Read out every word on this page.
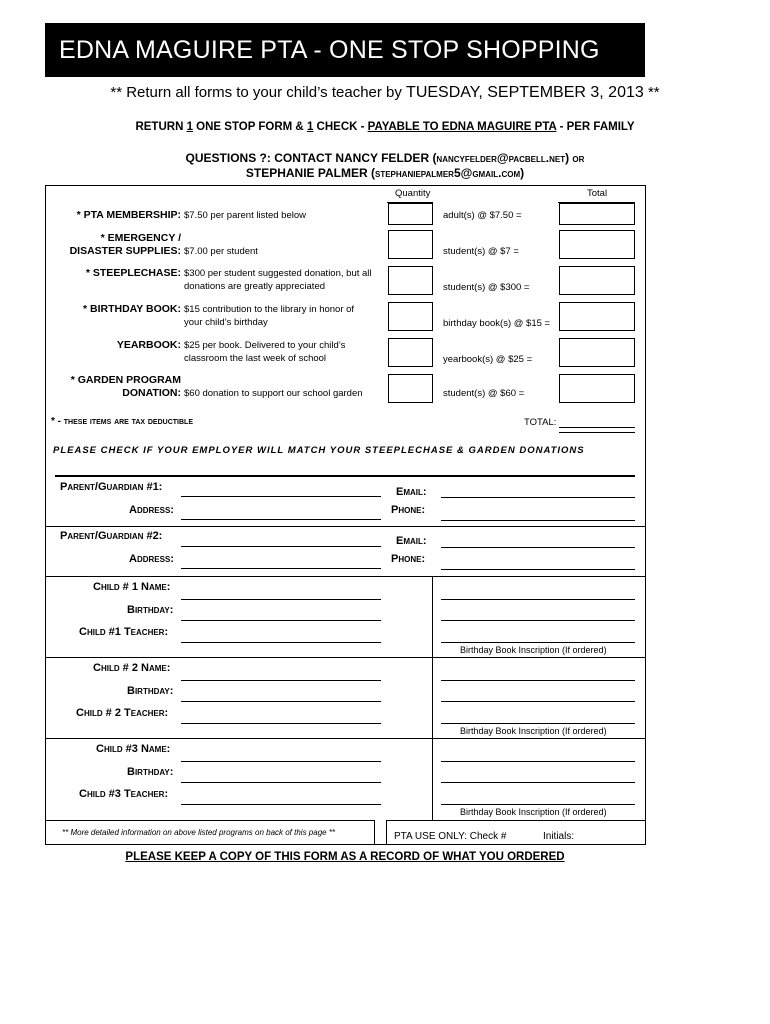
EDNA MAGUIRE PTA - ONE STOP SHOPPING FORM
** Return all forms to your child’s teacher by TUESDAY, SEPTEMBER 3, 2013 **
RETURN 1 ONE STOP FORM & 1 CHECK - PAYABLE TO EDNA MAGUIRE PTA - PER FAMILY
QUESTIONS ?: CONTACT NANCY FELDER (nancyfelder@pacbell.net) or
STEPHANIE PALMER (stephaniepalmer5@gmail.com)
Quantity	Total
* PTA MEMBERSHIP: $7.50 per parent listed below	adult(s) @ $7.50 =
* EMERGENCY /
DISASTER SUPPLIES: $7.00 per student	student(s) @ $7 =
* STEEPLECHASE: $300 per student suggested donation, but all
donations are greatly appreciated	student(s) @ $300 =
* BIRTHDAY BOOK: $15 contribution to the library in honor of
your child’s birthday	birthday book(s) @ $15 =
YEARBOOK: $25 per book. Delivered to your child’s
classroom the last week of school	yearbook(s) @ $25 =
* GARDEN PROGRAM
DONATION: $60 donation to support our school garden	student(s) @ $60 =
* - these items are tax deductible	TOTAL:
PLEASE CHECK IF YOUR EMPLOYER WILL MATCH YOUR STEEPLECHASE & GARDEN DONATIONS
Parent/Guardian #1:	Email:
Address:	Phone:
Parent/Guardian #2:	Email:
Address:	Phone:
Child # 1 Name:
Birthday:
Child #1 Teacher:
Birthday Book Inscription (If ordered)
Child # 2 Name:
Birthday:
Child # 2 Teacher:
Birthday Book Inscription (If ordered)
Child #3 Name:
Birthday:
Child #3 Teacher:
Birthday Book Inscription (If ordered)
** More detailed information on above listed programs on back of this page **	PTA USE ONLY: Check #	Initials:
PLEASE KEEP A COPY OF THIS FORM AS A RECORD OF WHAT YOU ORDERED
